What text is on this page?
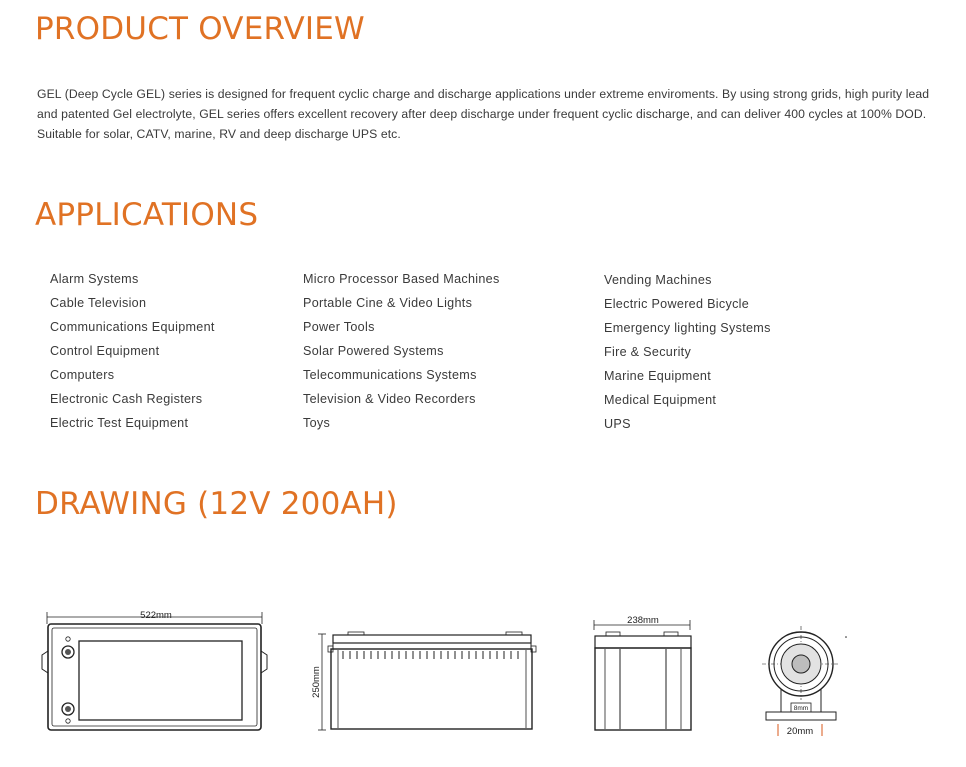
PRODUCT OVERVIEW

GEL (Deep Cycle GEL) series is designed for frequent cyclic charge and discharge applications under extreme enviroments. By using strong grids, high purity lead and patented Gel electrolyte, GEL series offers excellent recovery after deep discharge under frequent cyclic discharge, and can deliver 400 cycles at 100% DOD. Suitable for solar, CATV, marine, RV and deep discharge UPS etc.

APPLICATIONS
Alarm Systems
Cable Television
Communications Equipment
Control Equipment
Computers
Electronic Cash Registers
Electric Test Equipment
Micro Processor Based Machines
Portable Cine & Video Lights
Power Tools
Solar Powered Systems
Telecommunications Systems
Television & Video Recorders
Toys
Vending Machines
Electric Powered Bicycle
Emergency lighting Systems
Fire & Security
Marine Equipment
Medical Equipment
UPS
DRAWING (12V 200AH)
522mm
250mm
238mm
8mm
20mm
